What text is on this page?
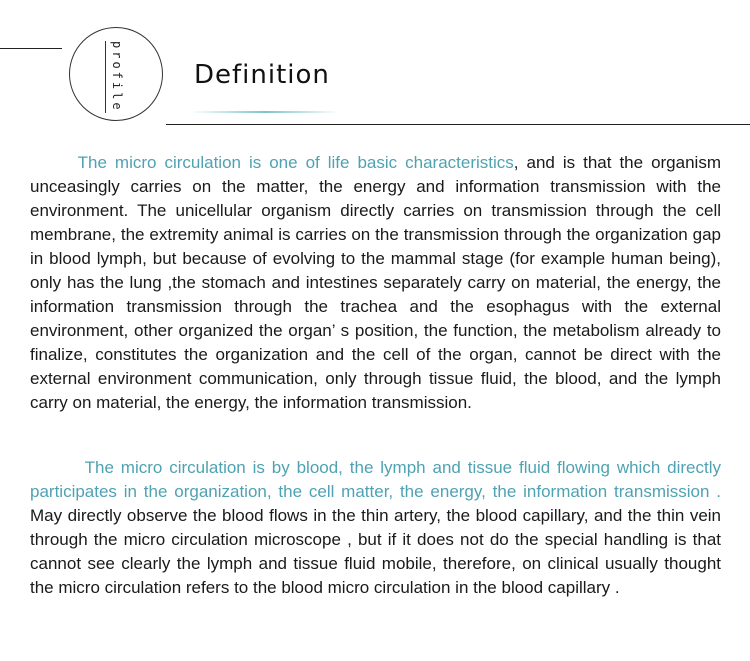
profile	Definition

The micro circulation is one of life basic characteristics, and is that the organism unceasingly carries on the matter, the energy and information transmission with the environment. The unicellular organism directly carries on transmission through the cell membrane, the extremity animal is carries on the transmission through the organization gap in blood lymph, but because of evolving to the mammal stage (for example human being), only has the lung ,the stomach and intestines separately carry on material, the energy, the information transmission through the trachea and the esophagus with the external environment, other organized the organ’ s position, the function, the metabolism already to finalize, constitutes the organization and the cell of the organ, cannot be direct with the external environment communication, only through tissue fluid, the blood, and the lymph carry on material, the energy, the information transmission.

The micro circulation is by blood, the lymph and tissue fluid flowing which directly participates in the organization, the cell matter, the energy, the information transmission . May directly observe the blood flows in the thin artery, the blood capillary, and the thin vein through the micro circulation microscope , but if it does not do the special handling is that cannot see clearly the lymph and tissue fluid mobile, therefore, on clinical usually thought the micro circulation refers to the blood micro circulation in the blood capillary .
